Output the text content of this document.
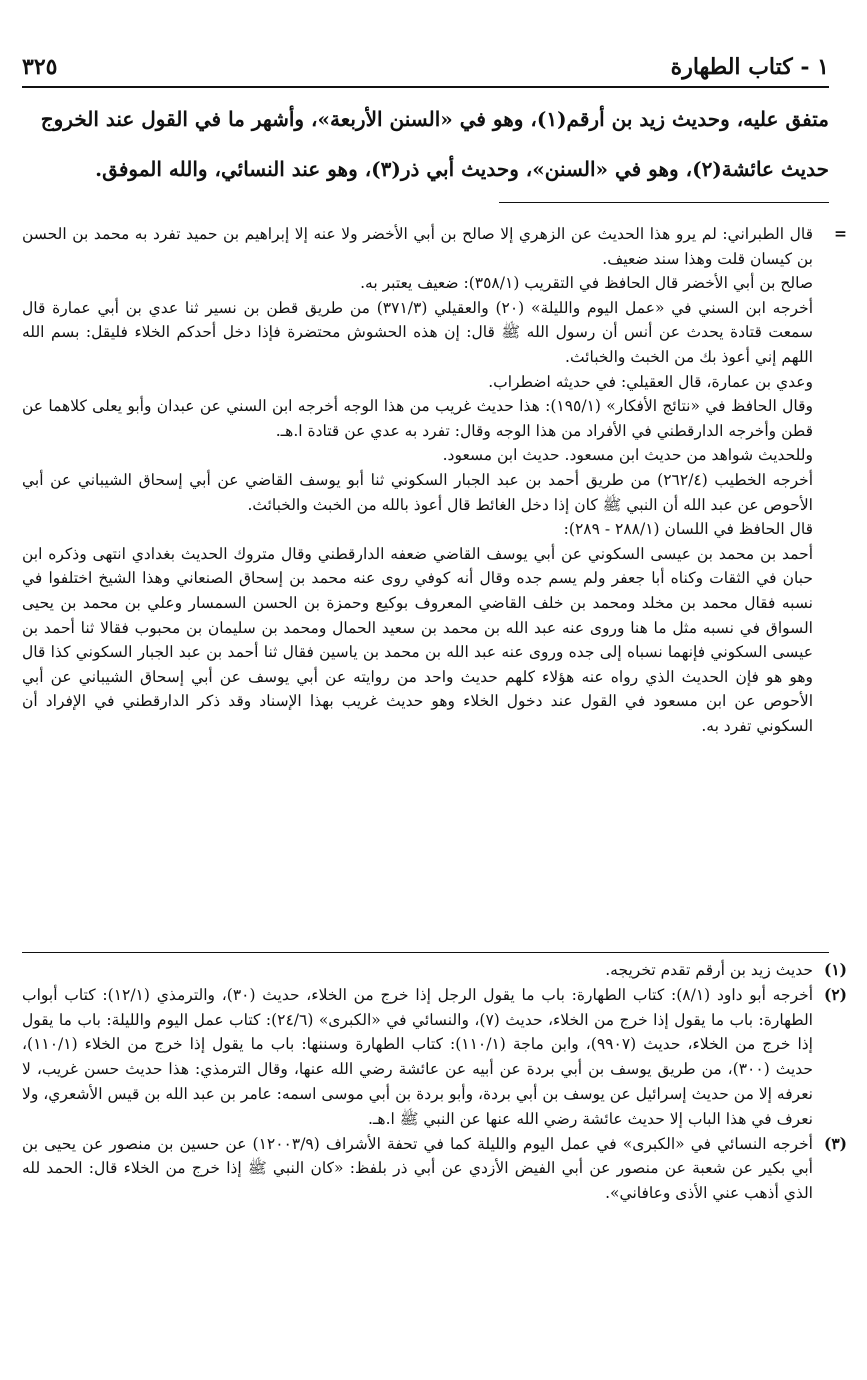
١ - كتاب الطهارة
٣٢٥

متفق عليه، وحديث زيد بن أرقم(١)، وهو في «السنن الأربعة»، وأشهر ما في القول عند الخروج

حديث عائشة(٢)، وهو في «السنن»، وحديث أبي ذر(٣)، وهو عند النسائي، والله الموفق.

=

قال الطبراني: لم يرو هذا الحديث عن الزهري إلا صالح بن أبي الأخضر ولا عنه إلا إبراهيم بن حميد تفرد به محمد بن الحسن بن كيسان قلت وهذا سند ضعيف.

صالح بن أبي الأخضر قال الحافظ في التقريب (٣٥٨/١): ضعيف يعتبر به.

أخرجه ابن السني في «عمل اليوم والليلة» (٢٠) والعقيلي (٣٧١/٣) من طريق قطن بن نسير ثنا عدي بن أبي عمارة قال سمعت قتادة يحدث عن أنس أن رسول الله ﷺ قال: إن هذه الحشوش محتضرة فإذا دخل أحدكم الخلاء فليقل: بسم الله اللهم إني أعوذ بك من الخبث والخبائث.

وعدي بن عمارة، قال العقيلي: في حديثه اضطراب.

وقال الحافظ في «نتائج الأفكار» (١٩٥/١): هذا حديث غريب من هذا الوجه أخرجه ابن السني عن عبدان وأبو يعلى كلاهما عن قطن وأخرجه الدارقطني في الأفراد من هذا الوجه وقال: تفرد به عدي عن قتادة ا.هـ.

وللحديث شواهد من حديث ابن مسعود. حديث ابن مسعود.

أخرجه الخطيب (٢٦٢/٤) من طريق أحمد بن عبد الجبار السكوني ثنا أبو يوسف القاضي عن أبي إسحاق الشيباني عن أبي الأحوص عن عبد الله أن النبي ﷺ كان إذا دخل الغائط قال أعوذ بالله من الخبث والخبائث.

قال الحافظ في اللسان (٢٨٨/١ - ٢٨٩):

أحمد بن محمد بن عيسى السكوني عن أبي يوسف القاضي ضعفه الدارقطني وقال متروك الحديث بغدادي انتهى وذكره ابن حبان في الثقات وكناه أبا جعفر ولم يسم جده وقال أنه كوفي روى عنه محمد بن إسحاق الصنعاني وهذا الشيخ اختلفوا في نسبه فقال محمد بن مخلد ومحمد بن خلف القاضي المعروف بوكيع وحمزة بن الحسن السمسار وعلي بن محمد بن يحيى السواق في نسبه مثل ما هنا وروى عنه عبد الله بن محمد بن سعيد الحمال ومحمد بن سليمان بن محبوب فقالا ثنا أحمد بن عيسى السكوني فإنهما نسباه إلى جده وروى عنه عبد الله بن محمد بن ياسين فقال ثنا أحمد بن عبد الجبار السكوني كذا قال وهو هو فإن الحديث الذي رواه عنه هؤلاء كلهم حديث واحد من روايته عن أبي يوسف عن أبي إسحاق الشيباني عن أبي الأحوص عن ابن مسعود في القول عند دخول الخلاء وهو حديث غريب بهذا الإسناد وقد ذكر الدارقطني في الإفراد أن السكوني تفرد به.

(١)
حديث زيد بن أرقم تقدم تخريجه.
(٢)
أخرجه أبو داود (٨/١): كتاب الطهارة: باب ما يقول الرجل إذا خرج من الخلاء، حديث (٣٠)، والترمذي (١٢/١): كتاب أبواب الطهارة: باب ما يقول إذا خرج من الخلاء، حديث (٧)، والنسائي في «الكبرى» (٢٤/٦): كتاب عمل اليوم والليلة: باب ما يقول إذا خرج من الخلاء، حديث (٩٩٠٧)، وابن ماجة (١١٠/١): كتاب الطهارة وسننها: باب ما يقول إذا خرج من الخلاء (١١٠/١)، حديث (٣٠٠)، من طريق يوسف بن أبي بردة عن أبيه عن عائشة رضي الله عنها، وقال الترمذي: هذا حديث حسن غريب، لا نعرفه إلا من حديث إسرائيل عن يوسف بن أبي بردة، وأبو بردة بن أبي موسى اسمه: عامر بن عبد الله بن قيس الأشعري، ولا نعرف في هذا الباب إلا حديث عائشة رضي الله عنها عن النبي ﷺ ا.هـ.
(٣)
أخرجه النسائي في «الكبرى» في عمل اليوم والليلة كما في تحفة الأشراف (١٢٠٠٣/٩) عن حسين بن منصور عن يحيى بن أبي بكير عن شعبة عن منصور عن أبي الفيض الأزدي عن أبي ذر بلفظ: «كان النبي ﷺ إذا خرج من الخلاء قال: الحمد لله الذي أذهب عني الأذى وعافاني».
